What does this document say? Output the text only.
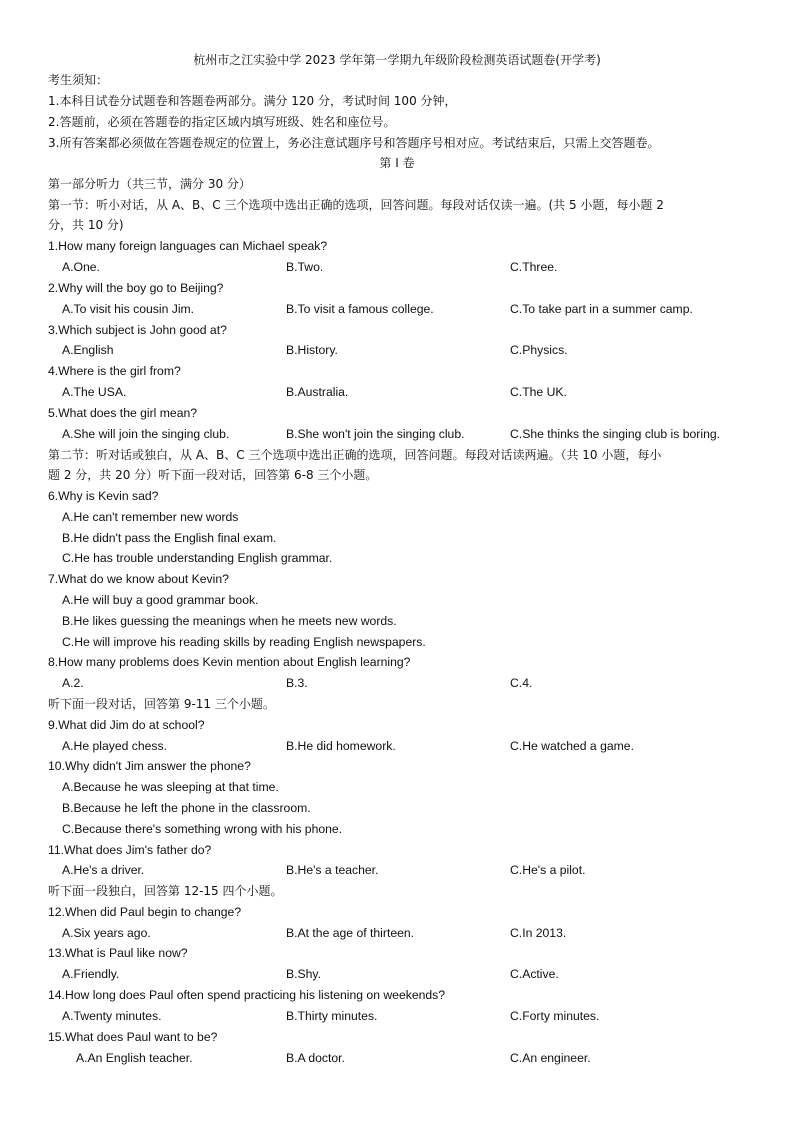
杭州市之江实验中学 2023 学年第一学期九年级阶段检测英语试题卷(开学考)
考生须知：
1.本科目试卷分试题卷和答题卷两部分。满分 120 分，考试时间 100 分钟，
2.答题前，必须在答题卷的指定区域内填写班级、姓名和座位号。
3.所有答案都必须做在答题卷规定的位置上，务必注意试题序号和答题序号相对应。考试结束后，只需上交答题卷。
第 I 卷
第一部分听力（共三节，满分 30 分）
第一节：听小对话，从 A、B、C 三个选项中选出正确的选项，回答问题。每段对话仅读一遍。(共 5 小题，每小题 2
分，共 10 分)
1.How many foreign languages can Michael speak?
A.One.	B.Two.	C.Three.
2.Why will the boy go to Beijing?
A.To visit his cousin Jim.	B.To visit a famous college.	C.To take part in a summer camp.
3.Which subject is John good at?
A.English	B.History.	C.Physics.
4.Where is the girl from?
A.The USA.	B.Australia.	C.The UK.
5.What does the girl mean?
A.She will join the singing club.	B.She won't join the singing club.	C.She thinks the singing club is boring.
第二节：听对话或独白，从 A、B、C 三个选项中选出正确的选项，回答问题。每段对话读两遍。（共 10 小题，每小
题 2 分，共 20 分）听下面一段对话，回答第 6-8 三个小题。
6.Why is Kevin sad?
A.He can't remember new words
B.He didn't pass the English final exam.
C.He has trouble understanding English grammar.
7.What do we know about Kevin?
A.He will buy a good grammar book.
B.He likes guessing the meanings when he meets new words.
C.He will improve his reading skills by reading English newspapers.
8.How many problems does Kevin mention about English learning?
A.2.	B.3.	C.4.
听下面一段对话，回答第 9-11 三个小题。
9.What did Jim do at school?
A.He played chess.	B.He did homework.	C.He watched a game.
10.Why didn't Jim answer the phone?
A.Because he was sleeping at that time.
B.Because he left the phone in the classroom.
C.Because there's something wrong with his phone.
11.What does Jim's father do?
A.He's a driver.	B.He's a teacher.	C.He's a pilot.
听下面一段独白，回答第 12-15 四个小题。
12.When did Paul begin to change?
A.Six years ago.	B.At the age of thirteen.	C.In 2013.
13.What is Paul like now?
A.Friendly.	B.Shy.	C.Active.
14.How long does Paul often spend practicing his listening on weekends?
A.Twenty minutes.	B.Thirty minutes.	C.Forty minutes.
15.What does Paul want to be?
A.An English teacher.	B.A doctor.	C.An engineer.
